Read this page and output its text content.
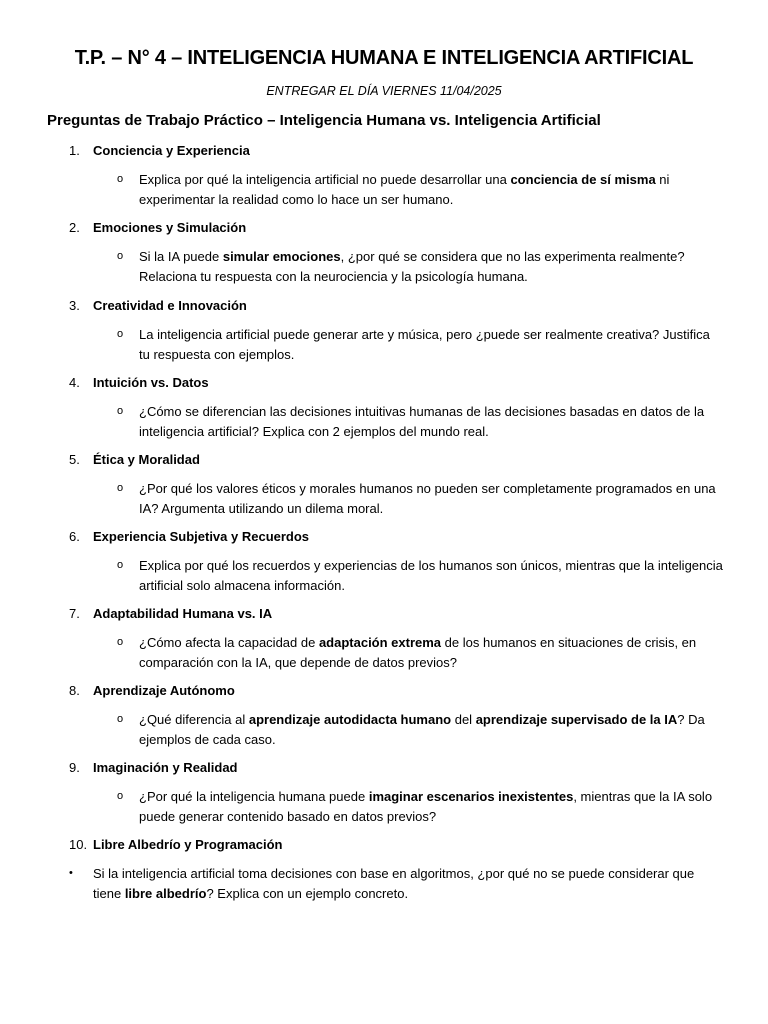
T.P. – N° 4 – INTELIGENCIA HUMANA E INTELIGENCIA ARTIFICIAL
ENTREGAR EL DÍA VIERNES 11/04/2025
Preguntas de Trabajo Práctico – Inteligencia Humana vs. Inteligencia Artificial
1. Conciencia y Experiencia
o Explica por qué la inteligencia artificial no puede desarrollar una conciencia de sí misma ni experimentar la realidad como lo hace un ser humano.
2. Emociones y Simulación
o Si la IA puede simular emociones, ¿por qué se considera que no las experimenta realmente? Relaciona tu respuesta con la neurociencia y la psicología humana.
3. Creatividad e Innovación
o La inteligencia artificial puede generar arte y música, pero ¿puede ser realmente creativa? Justifica tu respuesta con ejemplos.
4. Intuición vs. Datos
o ¿Cómo se diferencian las decisiones intuitivas humanas de las decisiones basadas en datos de la inteligencia artificial? Explica con 2 ejemplos del mundo real.
5. Ética y Moralidad
o ¿Por qué los valores éticos y morales humanos no pueden ser completamente programados en una IA? Argumenta utilizando un dilema moral.
6. Experiencia Subjetiva y Recuerdos
o Explica por qué los recuerdos y experiencias de los humanos son únicos, mientras que la inteligencia artificial solo almacena información.
7. Adaptabilidad Humana vs. IA
o ¿Cómo afecta la capacidad de adaptación extrema de los humanos en situaciones de crisis, en comparación con la IA, que depende de datos previos?
8. Aprendizaje Autónomo
o ¿Qué diferencia al aprendizaje autodidacta humano del aprendizaje supervisado de la IA? Da ejemplos de cada caso.
9. Imaginación y Realidad
o ¿Por qué la inteligencia humana puede imaginar escenarios inexistentes, mientras que la IA solo puede generar contenido basado en datos previos?
10. Libre Albedrío y Programación
• Si la inteligencia artificial toma decisiones con base en algoritmos, ¿por qué no se puede considerar que tiene libre albedrío? Explica con un ejemplo concreto.
